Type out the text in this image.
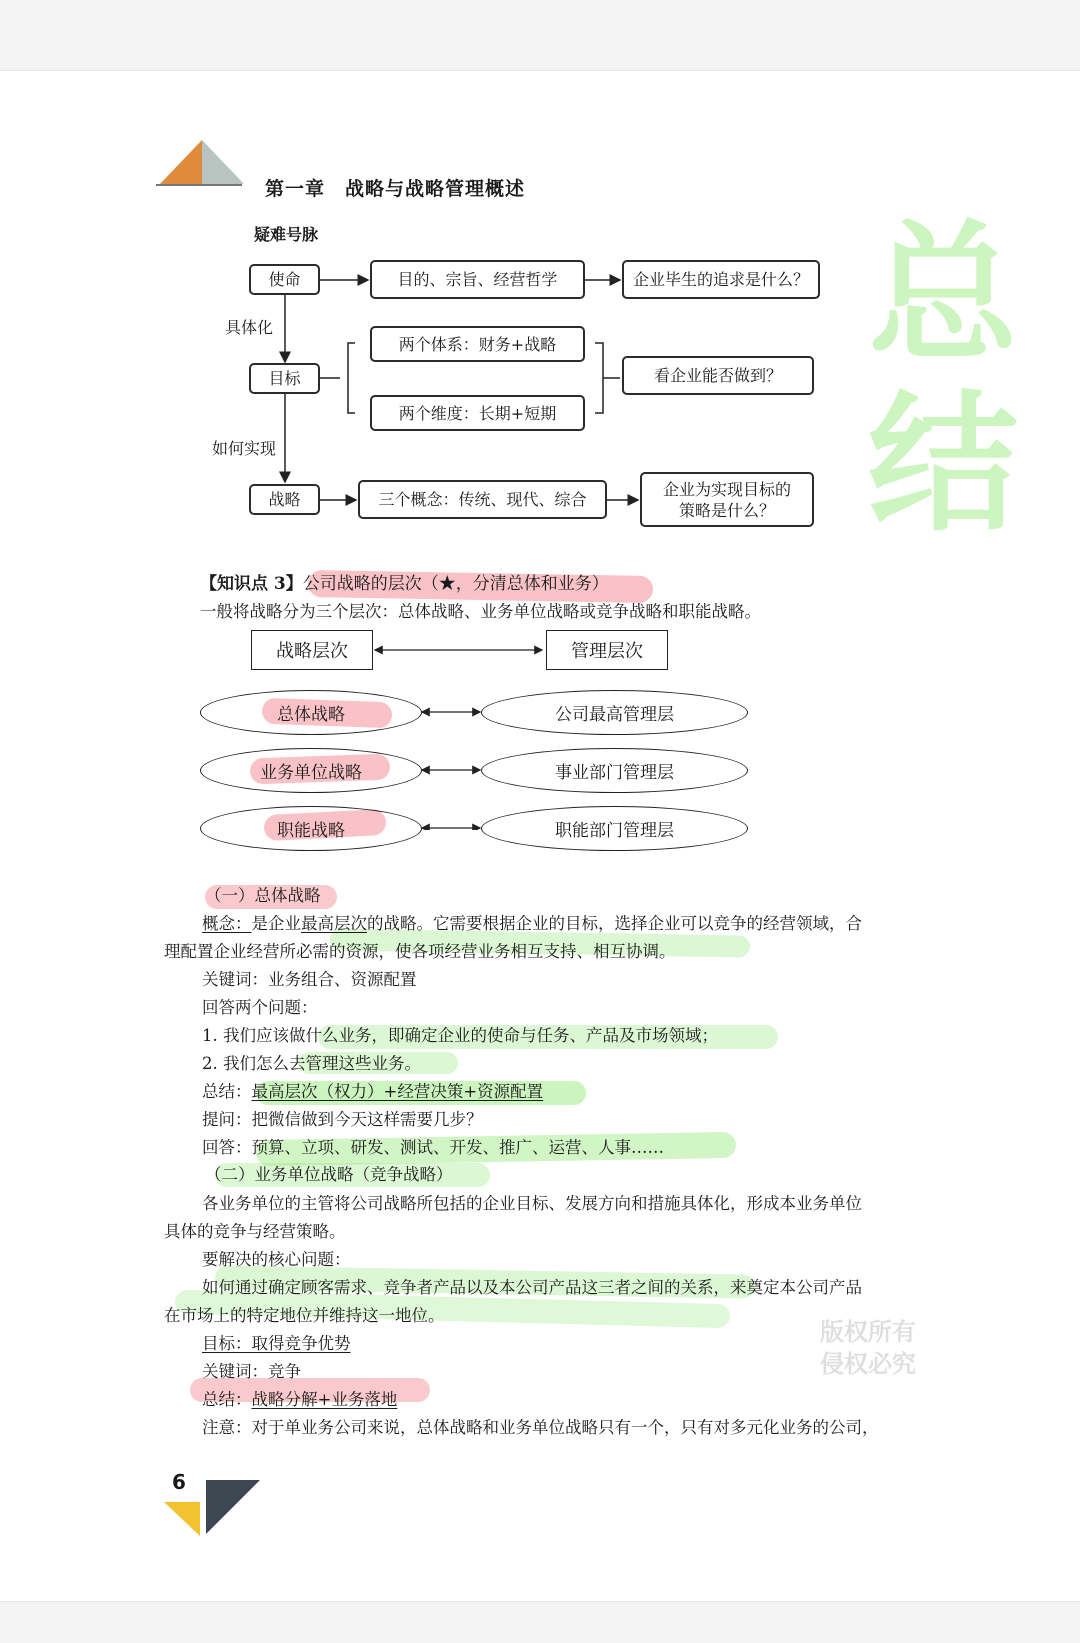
第一章　战略与战略管理概述
疑难号脉
使命	目的、宗旨、经营哲学	企业毕生的追求是什么？
具体化
目标
两个体系：财务+战略
两个维度：长期+短期
看企业能否做到？
如何实现
战略	三个概念：传统、现代、综合
企业为实现目标的策略是什么？
【知识点 3】公司战略的层次（★，分清总体和业务）
一般将战略分为三个层次：总体战略、业务单位战略或竞争战略和职能战略。
战略层次	管理层次
总体战略	公司最高管理层
业务单位战略	事业部门管理层
职能战略	职能部门管理层
（一）总体战略
概念：是企业最高层次的战略。它需要根据企业的目标，选择企业可以竞争的经营领域，合
理配置企业经营所必需的资源，使各项经营业务相互支持、相互协调。
关键词：业务组合、资源配置
回答两个问题：
1. 我们应该做什么业务，即确定企业的使命与任务、产品及市场领域；
2. 我们怎么去管理这些业务。
总结：最高层次（权力）+经营决策+资源配置
提问：把微信做到今天这样需要几步？
回答：预算、立项、研发、测试、开发、推广、运营、人事……
（二）业务单位战略（竞争战略）
各业务单位的主管将公司战略所包括的企业目标、发展方向和措施具体化，形成本业务单位
具体的竞争与经营策略。
要解决的核心问题：
如何通过确定顾客需求、竞争者产品以及本公司产品这三者之间的关系，来奠定本公司产品
在市场上的特定地位并维持这一地位。
目标：取得竞争优势
关键词：竞争
总结：战略分解+业务落地
注意：对于单业务公司来说，总体战略和业务单位战略只有一个，只有对多元化业务的公司，
总
结
版权所有
侵权必究
6
